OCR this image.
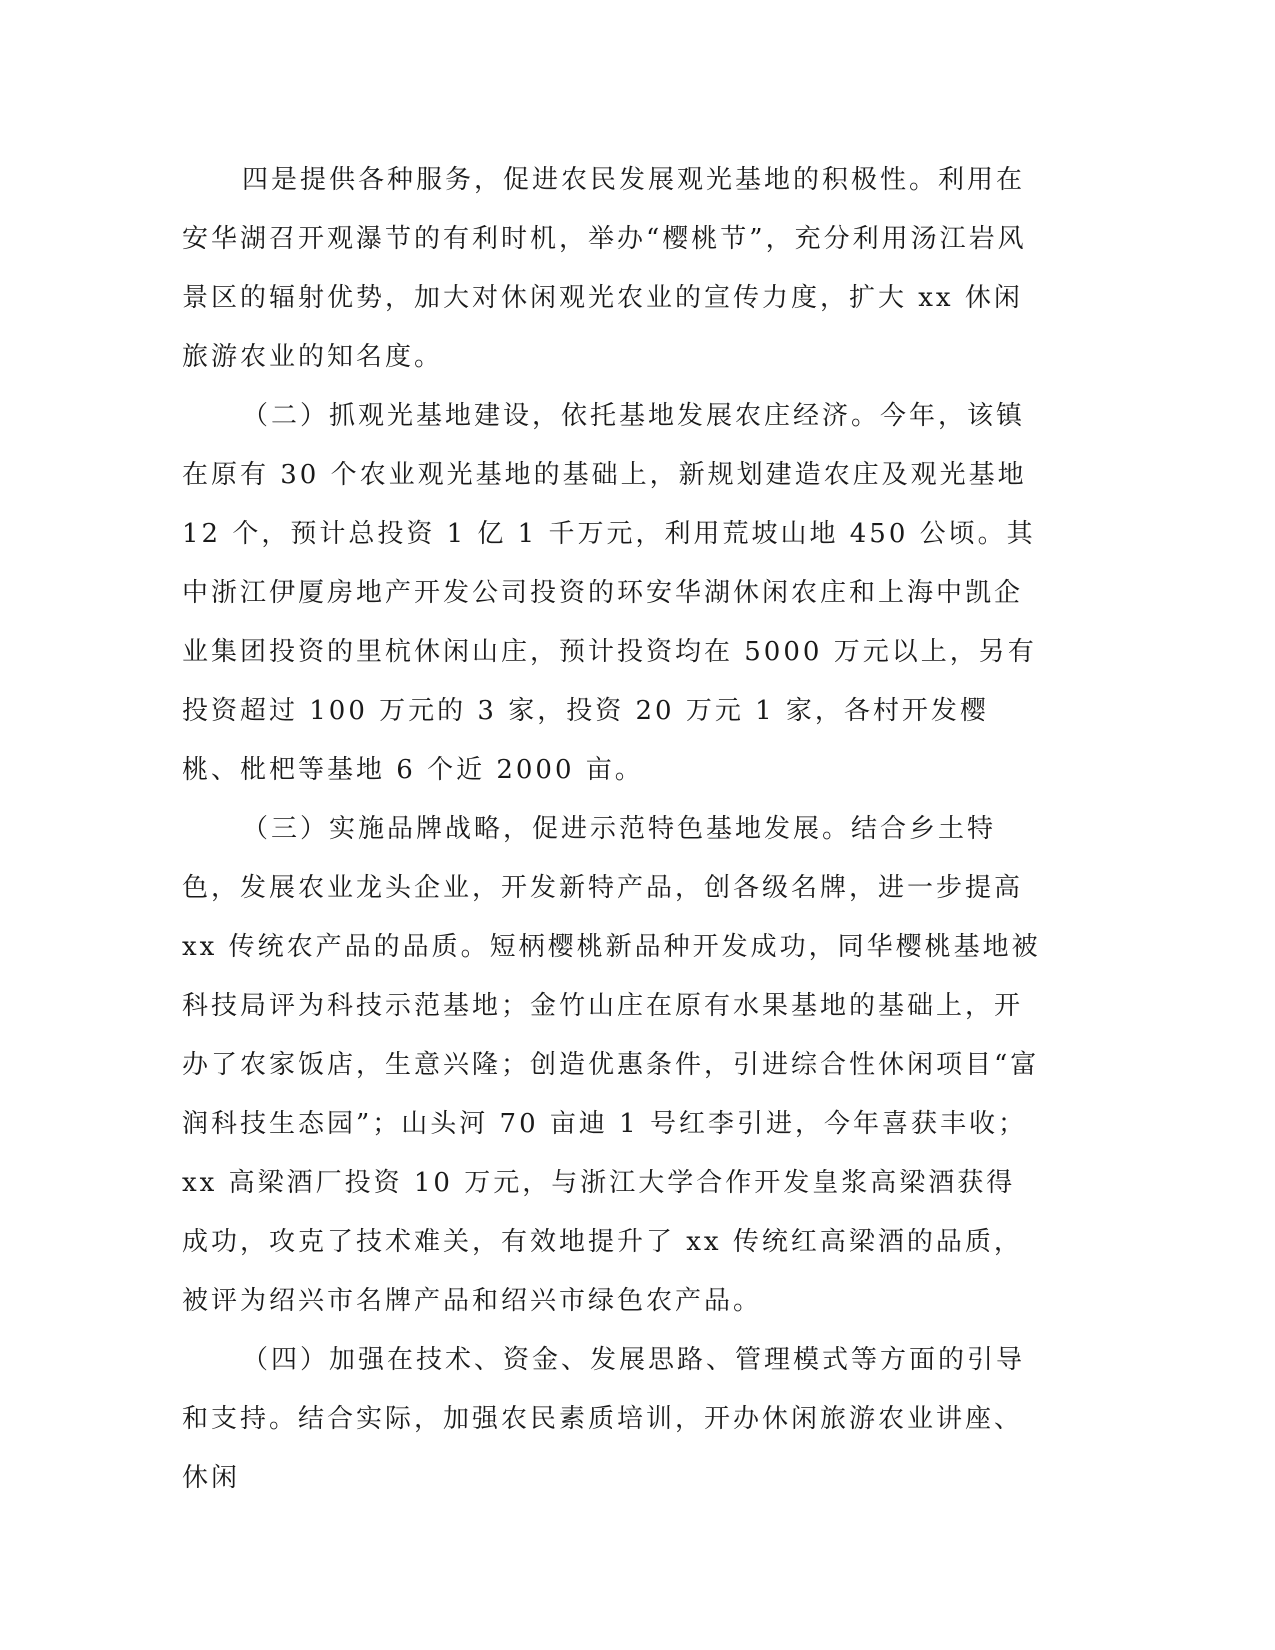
四是提供各种服务，促进农民发展观光基地的积极性。利用在安华湖召开观瀑节的有利时机，举办“樱桃节”，充分利用汤江岩风景区的辐射优势，加大对休闲观光农业的宣传力度，扩大 xx 休闲旅游农业的知名度。

（二）抓观光基地建设，依托基地发展农庄经济。今年，该镇在原有 30 个农业观光基地的基础上，新规划建造农庄及观光基地 12 个，预计总投资 1 亿 1 千万元，利用荒坡山地 450 公顷。其中浙江伊厦房地产开发公司投资的环安华湖休闲农庄和上海中凯企业集团投资的里杭休闲山庄，预计投资均在 5000 万元以上，另有投资超过 100 万元的 3 家，投资 20 万元 1 家，各村开发樱桃、枇杷等基地 6 个近 2000 亩。

（三）实施品牌战略，促进示范特色基地发展。结合乡土特色，发展农业龙头企业，开发新特产品，创各级名牌，进一步提高 xx 传统农产品的品质。短柄樱桃新品种开发成功，同华樱桃基地被科技局评为科技示范基地；金竹山庄在原有水果基地的基础上，开办了农家饭店，生意兴隆；创造优惠条件，引进综合性休闲项目“富润科技生态园”；山头河 70 亩迪 1 号红李引进，今年喜获丰收；xx 高梁酒厂投资 10 万元，与浙江大学合作开发皇浆高梁酒获得成功，攻克了技术难关，有效地提升了 xx 传统红高梁酒的品质，被评为绍兴市名牌产品和绍兴市绿色农产品。

（四）加强在技术、资金、发展思路、管理模式等方面的引导和支持。结合实际，加强农民素质培训，开办休闲旅游农业讲座、休闲
